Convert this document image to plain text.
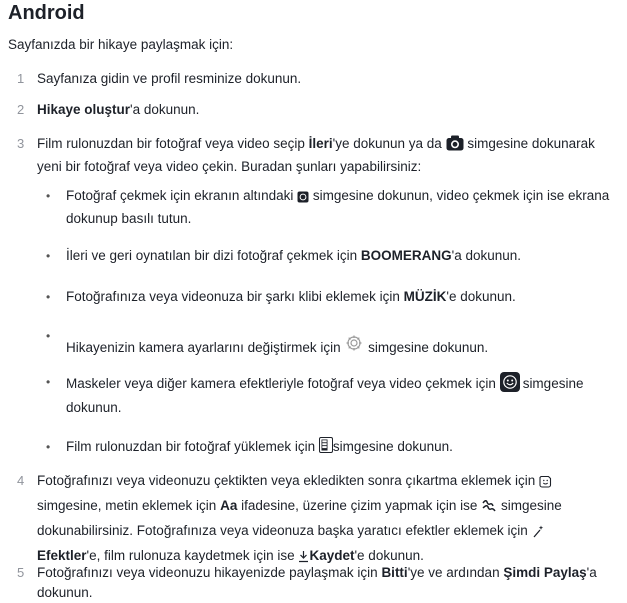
Android
Sayfanızda bir hikaye paylaşmak için:
1 Sayfanıza gidin ve profil resminize dokunun.
2 Hikaye oluştur'a dokunun.
3 Film rulonuzdan bir fotoğraf veya video seçip İleri'ye dokunun ya da  simgesine dokunarak yeni bir fotoğraf veya video çekin. Buradan şunları yapabilirsiniz:
• Fotoğraf çekmek için ekranın altındaki  simgesine dokunun, video çekmek için ise ekrana dokunup basılı tutun.
• İleri ve geri oynatılan bir dizi fotoğraf çekmek için BOOMERANG'a dokunun.
• Fotoğrafınıza veya videonuza bir şarkı klibi eklemek için MÜZİK'e dokunun.
•
Hikayenizin kamera ayarlarını değiştirmek için  simgesine dokunun.
• Maskeler veya diğer kamera efektleriyle fotoğraf veya video çekmek için simgesine dokunun.
• Film rulonuzdan bir fotoğraf yüklemek için simgesine dokunun.
4 Fotoğrafınızı veya videonuzu çektikten veya ekledikten sonra çıkartma eklemek için  simgesine, metin eklemek için Aa ifadesine, üzerine çizim yapmak için ise  simgesine dokunabilirsiniz. Fotoğrafınıza veya videonuza başka yaratıcı efektler eklemek için
Efektler'e, film rulonuza kaydetmek için ise Kaydet'e dokunun.
5 Fotoğrafınızı veya videonuzu hikayenizde paylaşmak için Bitti'ye ve ardından Şimdi Paylaş'a dokunun.
